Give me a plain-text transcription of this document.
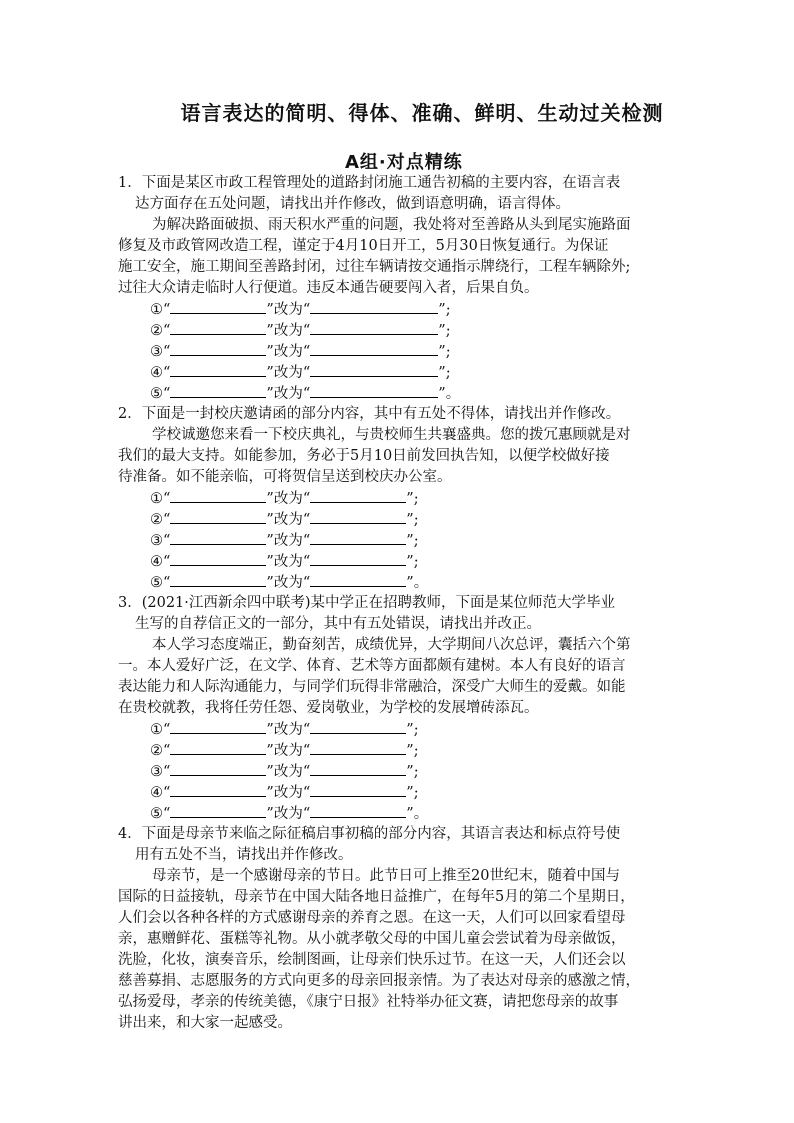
语言表达的简明、得体、准确、鲜明、生动过关检测
A组·对点精练
1．下面是某区市政工程管理处的道路封闭施工通告初稿的主要内容，在语言表
达方面存在五处问题，请找出并作修改，做到语意明确，语言得体。
为解决路面破损、雨天积水严重的问题，我处将对至善路从头到尾实施路面
修复及市政管网改造工程，谨定于4月10日开工，5月30日恢复通行。为保证
施工安全，施工期间至善路封闭，过往车辆请按交通指示牌绕行，工程车辆除外;
过往大众请走临时人行便道。违反本通告硬要闯入者，后果自负。
①“	”改为“	”;
②“	”改为“	”;
③“	”改为“	”;
④“	”改为“	”;
⑤“	”改为“	”。
2．下面是一封校庆邀请函的部分内容，其中有五处不得体，请找出并作修改。
学校诚邀您来看一下校庆典礼，与贵校师生共襄盛典。您的拨冗惠顾就是对
我们的最大支持。如能参加，务必于5月10日前发回执告知，以便学校做好接
待准备。如不能亲临，可将贺信呈送到校庆办公室。
①“	”改为“	”;
②“	”改为“	”;
③“	”改为“	”;
④“	”改为“	”;
⑤“	”改为“	”。
3．(2021·江西新余四中联考)某中学正在招聘教师，下面是某位师范大学毕业
生写的自荐信正文的一部分，其中有五处错误，请找出并改正。
本人学习态度端正，勤奋刻苦，成绩优异，大学期间八次总评，囊括六个第
一。本人爱好广泛，在文学、体育、艺术等方面都颇有建树。本人有良好的语言
表达能力和人际沟通能力，与同学们玩得非常融洽，深受广大师生的爱戴。如能
在贵校就教，我将任劳任怨、爱岗敬业，为学校的发展增砖添瓦。
①“	”改为“	”;
②“	”改为“	”;
③“	”改为“	”;
④“	”改为“	”;
⑤“	”改为“	”。
4．下面是母亲节来临之际征稿启事初稿的部分内容，其语言表达和标点符号使
用有五处不当，请找出并作修改。
母亲节，是一个感谢母亲的节日。此节日可上推至20世纪末，随着中国与
国际的日益接轨，母亲节在中国大陆各地日益推广，在每年5月的第二个星期日，
人们会以各种各样的方式感谢母亲的养育之恩。在这一天，人们可以回家看望母
亲，惠赠鲜花、蛋糕等礼物。从小就孝敬父母的中国儿童会尝试着为母亲做饭，
洗脸，化妆，演奏音乐，绘制图画，让母亲们快乐过节。在这一天，人们还会以
慈善募捐、志愿服务的方式向更多的母亲回报亲情。为了表达对母亲的感激之情，
弘扬爱母，孝亲的传统美德，《康宁日报》社特举办征文赛，请把您母亲的故事
讲出来，和大家一起感受。
